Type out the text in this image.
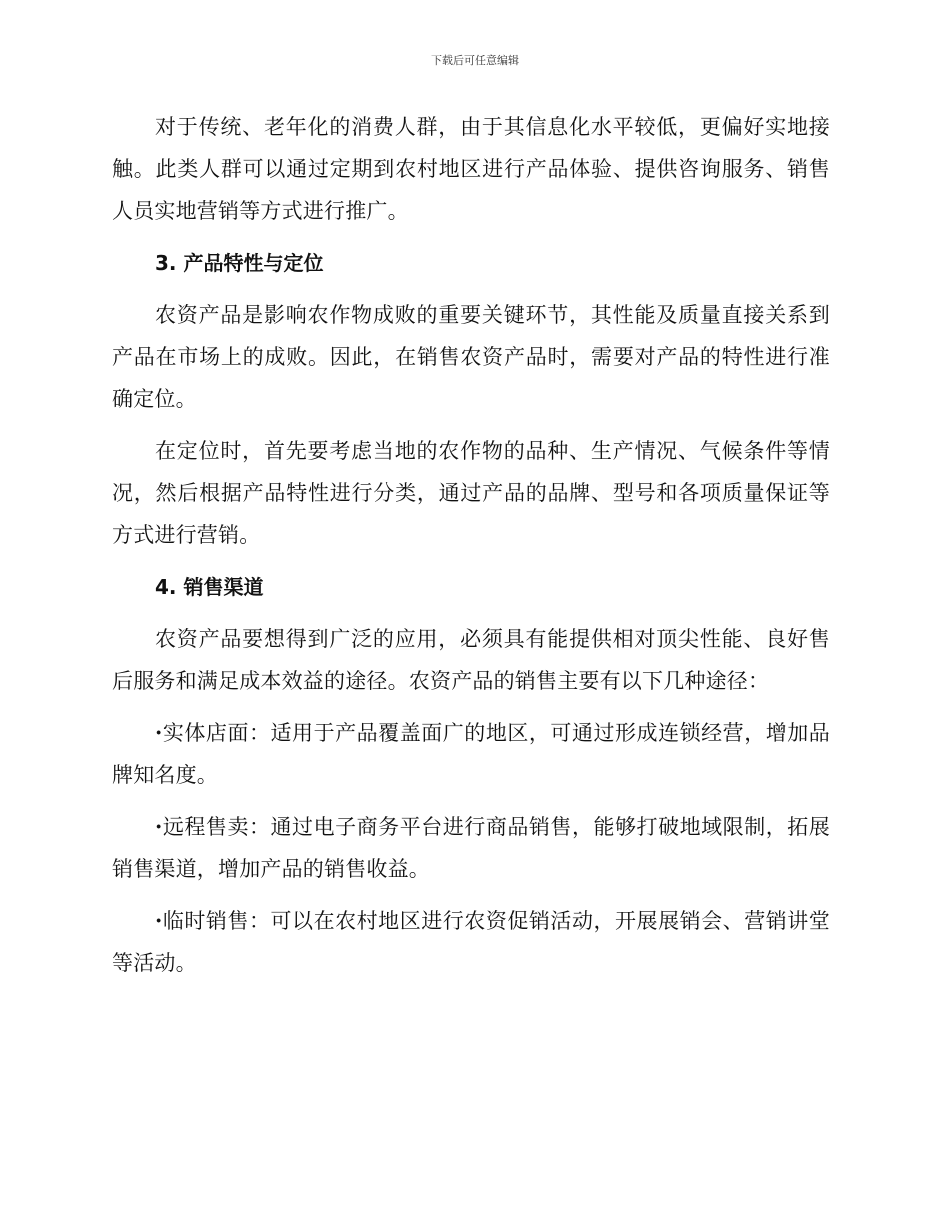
下载后可任意编辑

对于传统、老年化的消费人群，由于其信息化水平较低，更偏好实地接触。此类人群可以通过定期到农村地区进行产品体验、提供咨询服务、销售人员实地营销等方式进行推广。

3. 产品特性与定位

农资产品是影响农作物成败的重要关键环节，其性能及质量直接关系到产品在市场上的成败。因此，在销售农资产品时，需要对产品的特性进行准确定位。

在定位时，首先要考虑当地的农作物的品种、生产情况、气候条件等情况，然后根据产品特性进行分类，通过产品的品牌、型号和各项质量保证等方式进行营销。

4. 销售渠道

农资产品要想得到广泛的应用，必须具有能提供相对顶尖性能、良好售后服务和满足成本效益的途径。农资产品的销售主要有以下几种途径：

·实体店面：适用于产品覆盖面广的地区，可通过形成连锁经营，增加品牌知名度。

·远程售卖：通过电子商务平台进行商品销售，能够打破地域限制，拓展销售渠道，增加产品的销售收益。

·临时销售：可以在农村地区进行农资促销活动，开展展销会、营销讲堂等活动。
